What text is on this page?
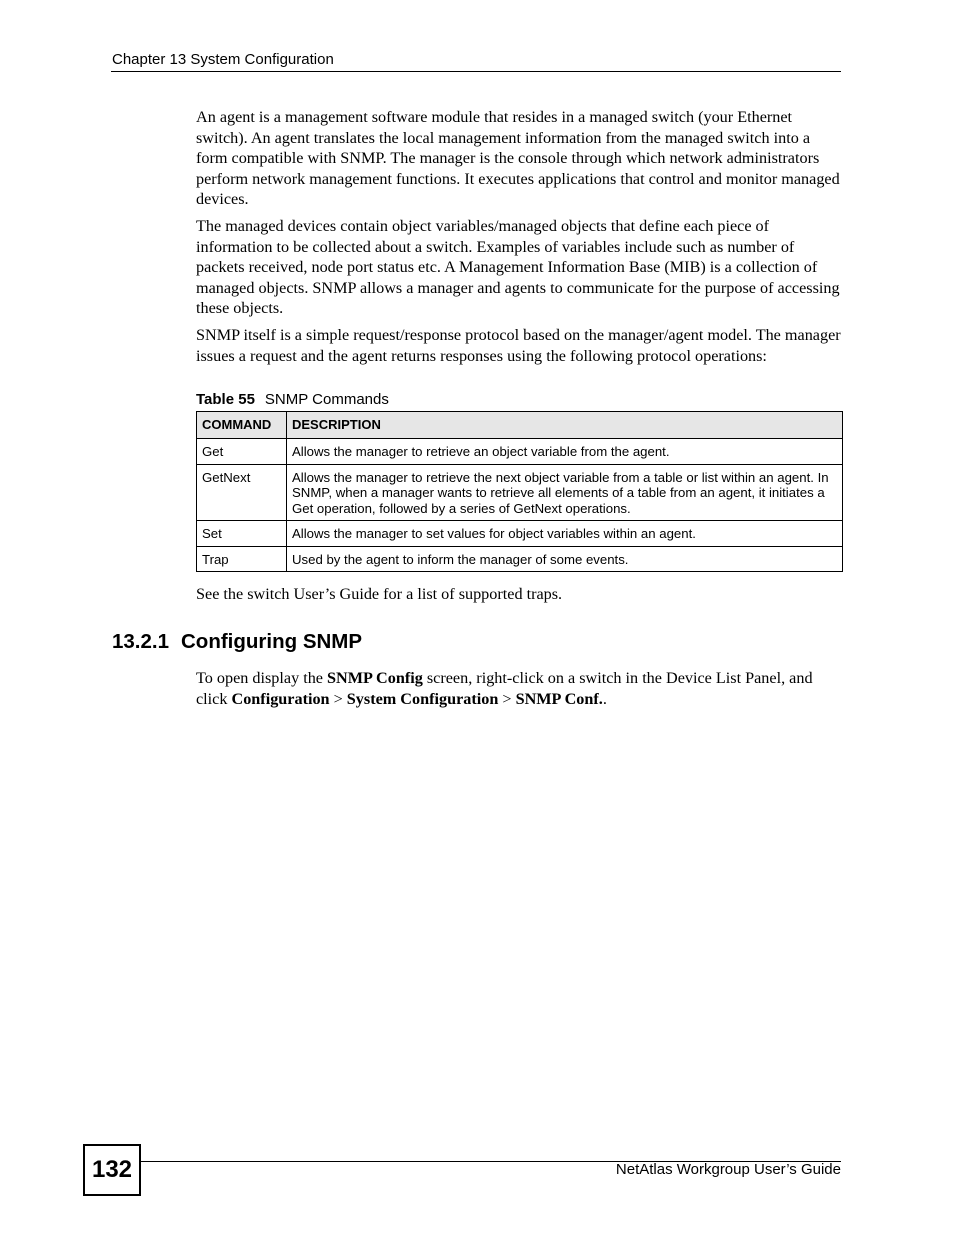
Chapter 13 System Configuration

An agent is a management software module that resides in a managed switch (your Ethernet switch). An agent translates the local management information from the managed switch into a form compatible with SNMP. The manager is the console through which network administrators perform network management functions. It executes applications that control and monitor managed devices.

The managed devices contain object variables/managed objects that define each piece of information to be collected about a switch. Examples of variables include such as number of packets received, node port status etc. A Management Information Base (MIB) is a collection of managed objects. SNMP allows a manager and agents to communicate for the purpose of accessing these objects.

SNMP itself is a simple request/response protocol based on the manager/agent model. The manager issues a request and the agent returns responses using the following protocol operations:

Table 55 SNMP Commands
COMMAND	DESCRIPTION
Get	Allows the manager to retrieve an object variable from the agent.
GetNext	Allows the manager to retrieve the next object variable from a table or list within an agent. In SNMP, when a manager wants to retrieve all elements of a table from an agent, it initiates a Get operation, followed by a series of GetNext operations.
Set	Allows the manager to set values for object variables within an agent.
Trap	Used by the agent to inform the manager of some events.

See the switch User’s Guide for a list of supported traps.

13.2.1 Configuring SNMP

To open display the SNMP Config screen, right-click on a switch in the Device List Panel, and click Configuration > System Configuration > SNMP Conf..

132	NetAtlas Workgroup User’s Guide
